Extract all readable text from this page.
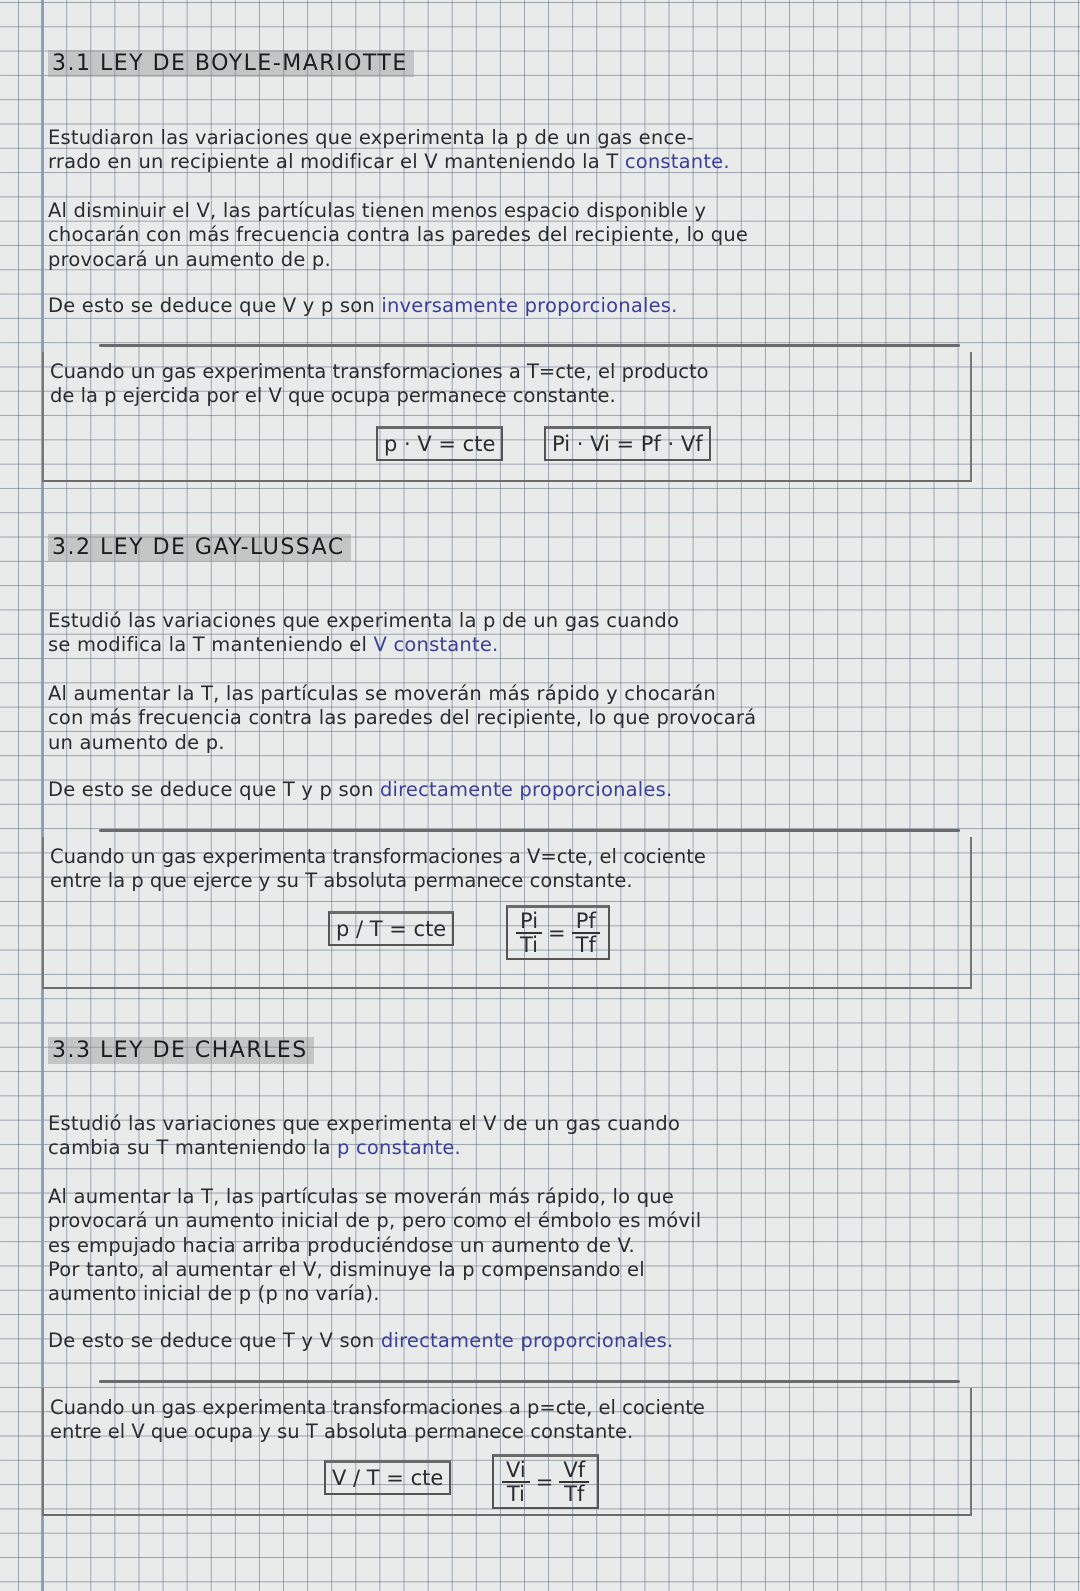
3.1 LEY DE BOYLE-MARIOTTE
Estudiaron las variaciones que experimenta la p de un gas ence-
rrado en un recipiente al modificar el V manteniendo la T constante.
Al disminuir el V, las partículas tienen menos espacio disponible y
chocarán con más frecuencia contra las paredes del recipiente, lo que
provocará un aumento de p.
De esto se deduce que V y p son inversamente proporcionales.
Cuando un gas experimenta transformaciones a T=cte, el producto
de la p ejercida por el V que ocupa permanece constante.
p · V = cte	Pi · Vi = Pf · Vf
3.2 LEY DE GAY-LUSSAC
Estudió las variaciones que experimenta la p de un gas cuando
se modifica la T manteniendo el V constante.
Al aumentar la T, las partículas se moverán más rápido y chocarán
con más frecuencia contra las paredes del recipiente, lo que provocará
un aumento de p.
De esto se deduce que T y p son directamente proporcionales.
Cuando un gas experimenta transformaciones a V=cte, el cociente
entre la p que ejerce y su T absoluta permanece constante.
p / T = cte	$\frac{Pi}{Ti} = \frac{Pf}{Tf}$
3.3 LEY DE CHARLES
Estudió las variaciones que experimenta el V de un gas cuando
cambia su T manteniendo la p constante.
Al aumentar la T, las partículas se moverán más rápido, lo que
provocará un aumento inicial de p, pero como el émbolo es móvil
es empujado hacia arriba produciéndose un aumento de V.
Por tanto, al aumentar el V, disminuye la p compensando el
aumento inicial de p (p no varía).
De esto se deduce que T y V son directamente proporcionales.
Cuando un gas experimenta transformaciones a p=cte, el cociente
entre el V que ocupa y su T absoluta permanece constante.
V / T = cte	$\frac{Vi}{Ti} = \frac{Vf}{Tf}$
